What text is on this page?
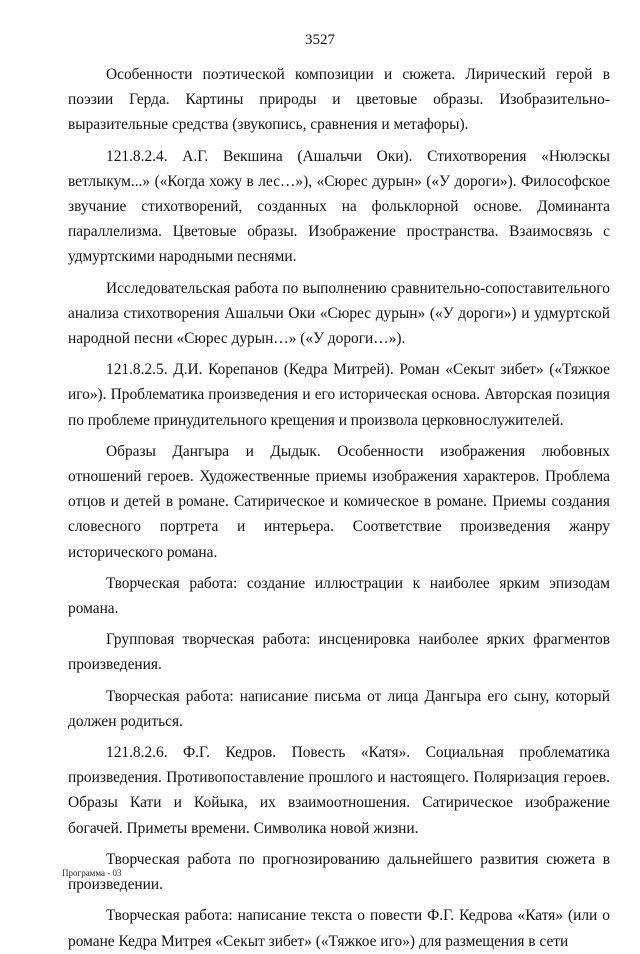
3527

Особенности поэтической композиции и сюжета. Лирический герой в поэзии Герда. Картины природы и цветовые образы. Изобразительно-выразительные средства (звукопись, сравнения и метафоры).

121.8.2.4. А.Г. Векшина (Ашальчи Оки). Стихотворения «Нюлэскы ветлыкум...» («Когда хожу в лес…»), «Сюрес дурын» («У дороги»). Философское звучание стихотворений, созданных на фольклорной основе. Доминанта параллелизма. Цветовые образы. Изображение пространства. Взаимосвязь с удмуртскими народными песнями.

Исследовательская работа по выполнению сравнительно-сопоставительного анализа стихотворения Ашальчи Оки «Сюрес дурын» («У дороги») и удмуртской народной песни «Сюрес дурын…» («У дороги…»).

121.8.2.5. Д.И. Корепанов (Кедра Митрей). Роман «Секыт зибет» («Тяжкое иго»). Проблематика произведения и его историческая основа. Авторская позиция по проблеме принудительного крещения и произвола церковнослужителей.

Образы Дангыра и Дыдык. Особенности изображения любовных отношений героев. Художественные приемы изображения характеров. Проблема отцов и детей в романе. Сатирическое и комическое в романе. Приемы создания словесного портрета и интерьера. Соответствие произведения жанру исторического романа.

Творческая работа: создание иллюстрации к наиболее ярким эпизодам романа.

Групповая творческая работа: инсценировка наиболее ярких фрагментов произведения.

Творческая работа: написание письма от лица Дангыра его сыну, который должен родиться.

121.8.2.6. Ф.Г. Кедров. Повесть «Катя». Социальная проблематика произведения. Противопоставление прошлого и настоящего. Поляризация героев. Образы Кати и Койыка, их взаимоотношения. Сатирическое изображение богачей. Приметы времени. Символика новой жизни.

Творческая работа по прогнозированию дальнейшего развития сюжета в произведении.

Творческая работа: написание текста о повести Ф.Г. Кедрова «Катя» (или о романе Кедра Митрея «Секыт зибет» («Тяжкое иго») для размещения в сети

Программа - 03
